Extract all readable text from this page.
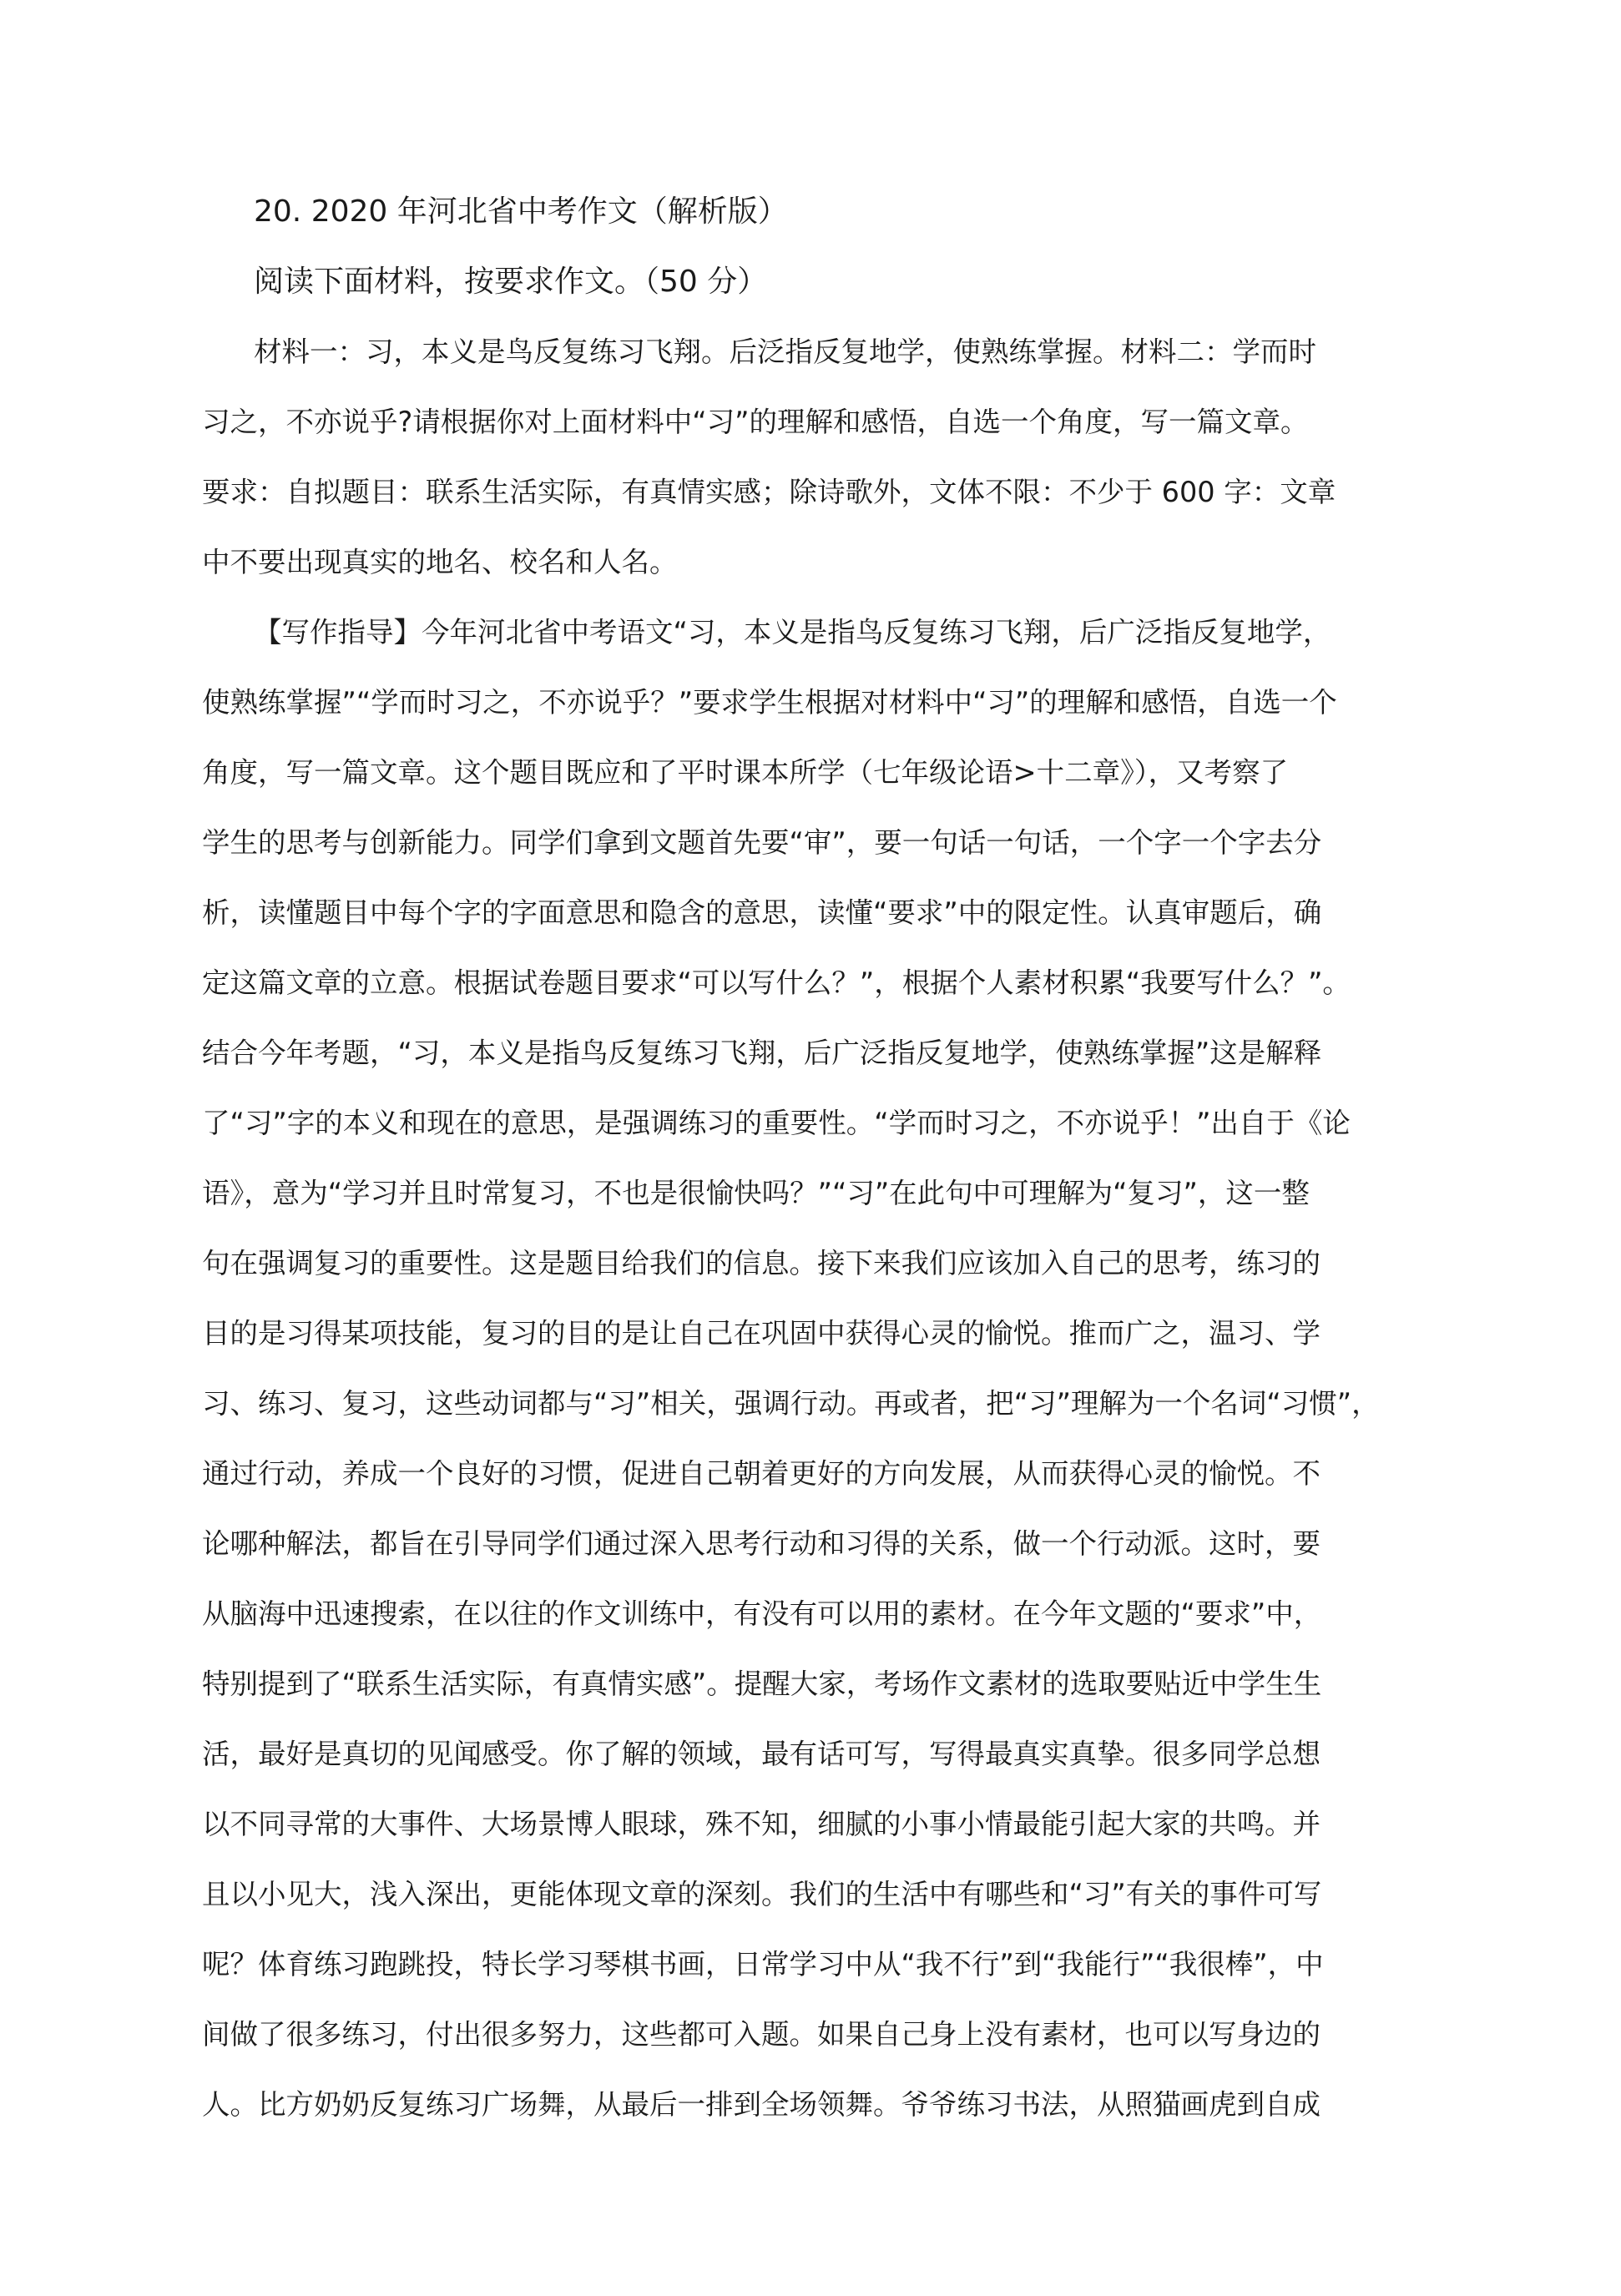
20. 2020 年河北省中考作文（解析版）
阅读下面材料，按要求作文。（50 分）
材料一：习，本义是鸟反复练习飞翔。后泛指反复地学，使熟练掌握。材料二：学而时
习之，不亦说乎?请根据你对上面材料中“习”的理解和感悟，自选一个角度，写一篇文章。
要求：自拟题目：联系生活实际，有真情实感；除诗歌外，文体不限：不少于 600 字：文章
中不要出现真实的地名、校名和人名。
【写作指导】今年河北省中考语文“习，本义是指鸟反复练习飞翔，后广泛指反复地学，
使熟练掌握”“学而时习之，不亦说乎？”要求学生根据对材料中“习”的理解和感悟，自选一个
角度，写一篇文章。这个题目既应和了平时课本所学（七年级论语>十二章》），又考察了
学生的思考与创新能力。同学们拿到文题首先要“审”，要一句话一句话，一个字一个字去分
析，读懂题目中每个字的字面意思和隐含的意思，读懂“要求”中的限定性。认真审题后，确
定这篇文章的立意。根据试卷题目要求“可以写什么？”，根据个人素材积累“我要写什么？”。
结合今年考题，“习，本义是指鸟反复练习飞翔，后广泛指反复地学，使熟练掌握”这是解释
了“习”字的本义和现在的意思，是强调练习的重要性。“学而时习之，不亦说乎！”出自于《论
语》，意为“学习并且时常复习，不也是很愉快吗？”“习”在此句中可理解为“复习”，这一整
句在强调复习的重要性。这是题目给我们的信息。接下来我们应该加入自己的思考，练习的
目的是习得某项技能，复习的目的是让自己在巩固中获得心灵的愉悦。推而广之，温习、学
习、练习、复习，这些动词都与“习”相关，强调行动。再或者，把“习”理解为一个名词“习惯”，
通过行动，养成一个良好的习惯，促进自己朝着更好的方向发展，从而获得心灵的愉悦。不
论哪种解法，都旨在引导同学们通过深入思考行动和习得的关系，做一个行动派。这时，要
从脑海中迅速搜索，在以往的作文训练中，有没有可以用的素材。在今年文题的“要求”中，
特别提到了“联系生活实际，有真情实感”。提醒大家，考场作文素材的选取要贴近中学生生
活，最好是真切的见闻感受。你了解的领域，最有话可写，写得最真实真挚。很多同学总想
以不同寻常的大事件、大场景博人眼球，殊不知，细腻的小事小情最能引起大家的共鸣。并
且以小见大，浅入深出，更能体现文章的深刻。我们的生活中有哪些和“习”有关的事件可写
呢？体育练习跑跳投，特长学习琴棋书画，日常学习中从“我不行”到“我能行”“我很棒”，中
间做了很多练习，付出很多努力，这些都可入题。如果自己身上没有素材，也可以写身边的
人。比方奶奶反复练习广场舞，从最后一排到全场领舞。爷爷练习书法，从照猫画虎到自成
